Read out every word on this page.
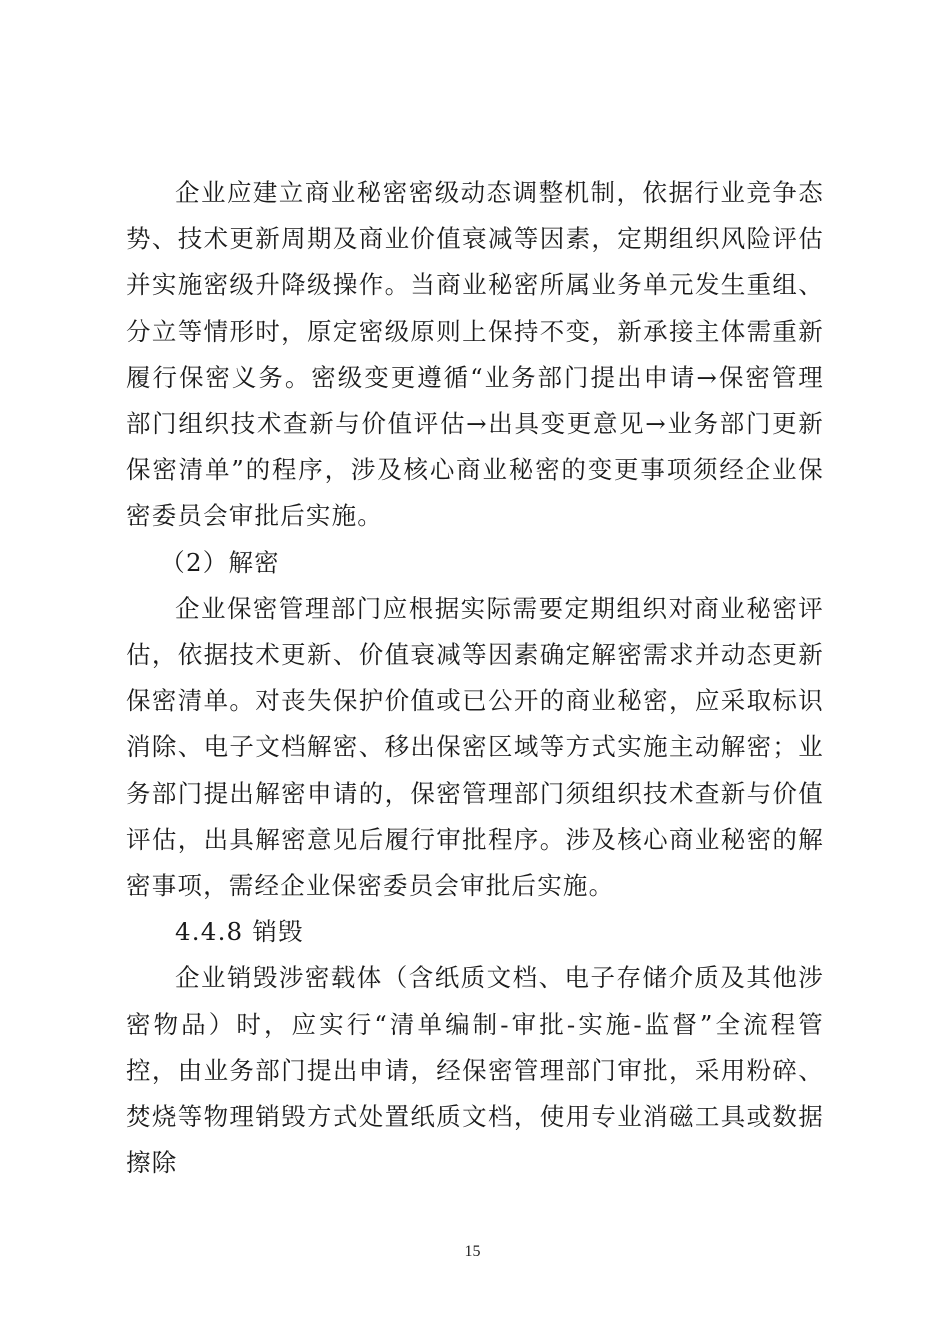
企业应建立商业秘密密级动态调整机制，依据行业竞争态势、技术更新周期及商业价值衰减等因素，定期组织风险评估并实施密级升降级操作。当商业秘密所属业务单元发生重组、分立等情形时，原定密级原则上保持不变，新承接主体需重新履行保密义务。密级变更遵循“业务部门提出申请→保密管理部门组织技术查新与价值评估→出具变更意见→业务部门更新保密清单”的程序，涉及核心商业秘密的变更事项须经企业保密委员会审批后实施。

（2）解密

企业保密管理部门应根据实际需要定期组织对商业秘密评估，依据技术更新、价值衰减等因素确定解密需求并动态更新保密清单。对丧失保护价值或已公开的商业秘密，应采取标识消除、电子文档解密、移出保密区域等方式实施主动解密；业务部门提出解密申请的，保密管理部门须组织技术查新与价值评估，出具解密意见后履行审批程序。涉及核心商业秘密的解密事项，需经企业保密委员会审批后实施。

4.4.8 销毁

企业销毁涉密载体（含纸质文档、电子存储介质及其他涉密物品）时，应实行“清单编制-审批-实施-监督”全流程管控，由业务部门提出申请，经保密管理部门审批，采用粉碎、焚烧等物理销毁方式处置纸质文档，使用专业消磁工具或数据擦除

15
